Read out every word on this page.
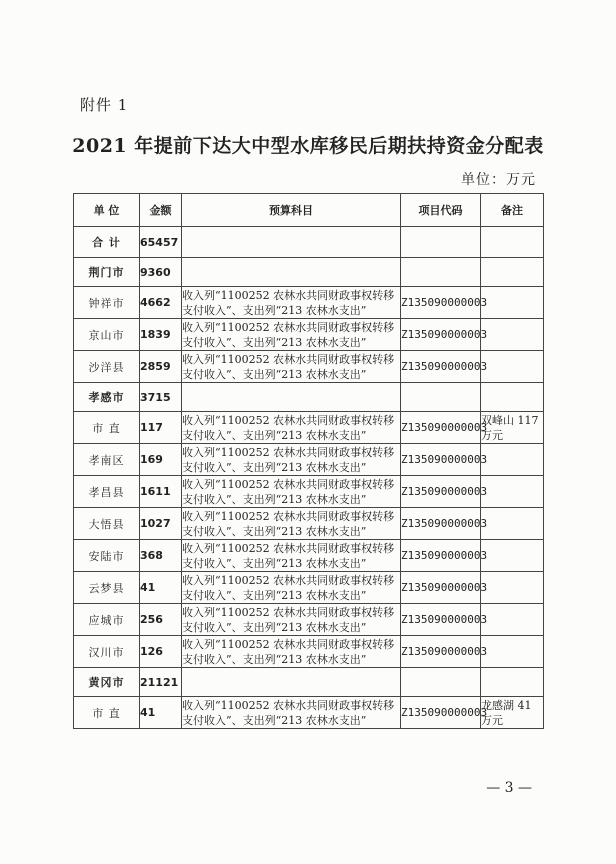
附件 1
2021 年提前下达大中型水库移民后期扶持资金分配表
单位：万元
单 位	金额	预算科目	项目代码	备注
合 计	65457			
荆门市	9360			
钟祥市	4662	收入列“1100252 农林水共同财政事权转移
支付收入”、支出列“213 农林水支出”	Z135090000003	
京山市	1839	收入列“1100252 农林水共同财政事权转移
支付收入”、支出列“213 农林水支出”	Z135090000003	
沙洋县	2859	收入列“1100252 农林水共同财政事权转移
支付收入”、支出列“213 农林水支出”	Z135090000003	
孝感市	3715			
市 直	117	收入列“1100252 农林水共同财政事权转移
支付收入”、支出列“213 农林水支出”	Z135090000003	双峰山 117 万元
孝南区	169	收入列“1100252 农林水共同财政事权转移
支付收入”、支出列“213 农林水支出”	Z135090000003	
孝昌县	1611	收入列“1100252 农林水共同财政事权转移
支付收入”、支出列“213 农林水支出”	Z135090000003	
大悟县	1027	收入列“1100252 农林水共同财政事权转移
支付收入”、支出列“213 农林水支出”	Z135090000003	
安陆市	368	收入列“1100252 农林水共同财政事权转移
支付收入”、支出列“213 农林水支出”	Z135090000003	
云梦县	41	收入列“1100252 农林水共同财政事权转移
支付收入”、支出列“213 农林水支出”	Z135090000003	
应城市	256	收入列“1100252 农林水共同财政事权转移
支付收入”、支出列“213 农林水支出”	Z135090000003	
汉川市	126	收入列“1100252 农林水共同财政事权转移
支付收入”、支出列“213 农林水支出”	Z135090000003	
黄冈市	21121			
市 直	41	收入列“1100252 农林水共同财政事权转移
支付收入”、支出列“213 农林水支出”	Z135090000003	龙感湖 41 万元
— 3 —
